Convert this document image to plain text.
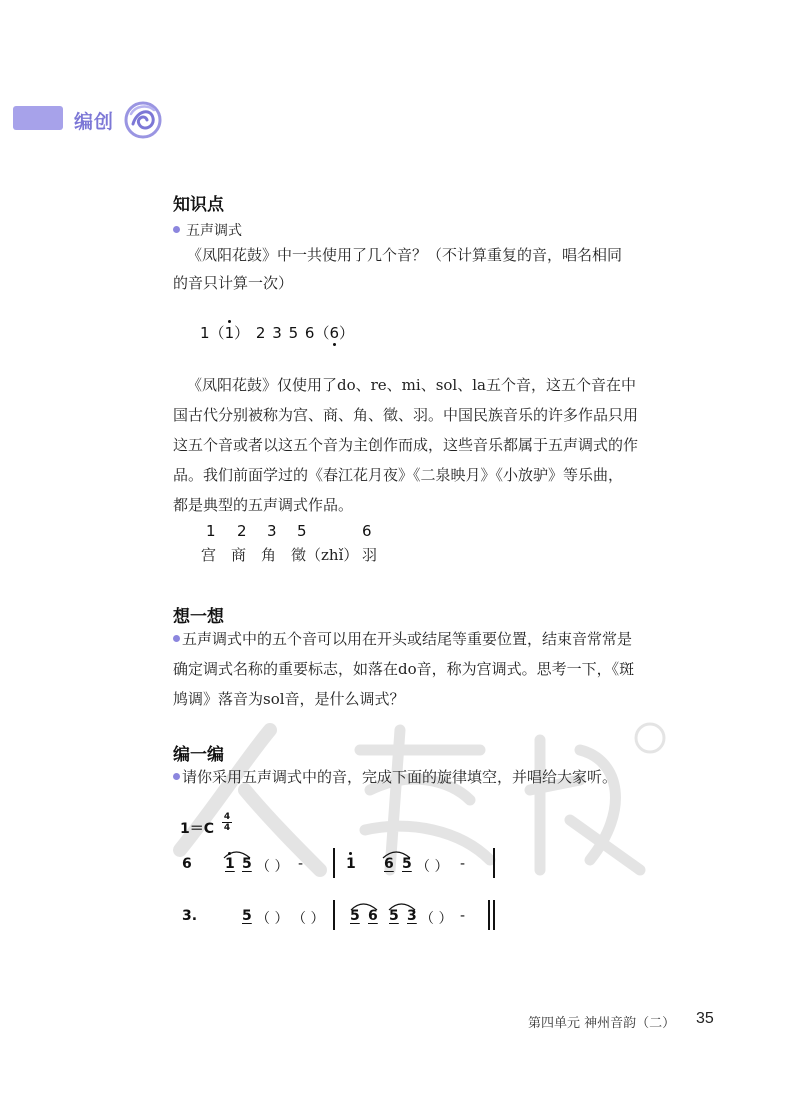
编创
知识点
五声调式
《凤阳花鼓》中一共使用了几个音？（不计算重复的音，唱名相同
的音只计算一次）
1（1） 2 3 5 6（6）
《凤阳花鼓》仅使用了do、re、mi、sol、la五个音，这五个音在中
国古代分别被称为宫、商、角、徵、羽。中国民族音乐的许多作品只用
这五个音或者以这五个音为主创作而成，这些音乐都属于五声调式的作
品。我们前面学过的《春江花月夜》《二泉映月》《小放驴》等乐曲，
都是典型的五声调式作品。
1 2 3 5	6
宫 商 角 徵（zhǐ） 羽
想一想
五声调式中的五个音可以用在开头或结尾等重要位置，结束音常常是
确定调式名称的重要标志，如落在do音，称为宫调式。思考一下，《斑
鸠调》落音为sol音，是什么调式？
编一编
请你采用五声调式中的音，完成下面的旋律填空，并唱给大家听。
1＝C
4
4
6 1 5 （ ） -	1 6 5 （ ） -
3.	5 （ ） （ ） 5 6 5 3 （ ） -
第四单元 神州音韵（二） 35
